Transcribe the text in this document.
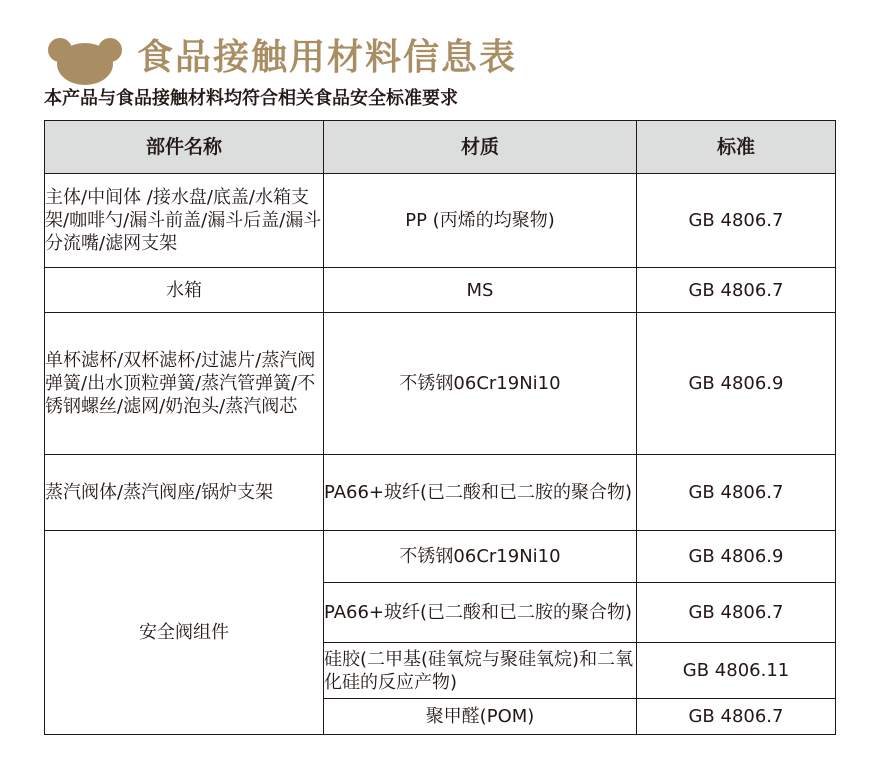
食品接触用材料信息表

本产品与食品接触材料均符合相关食品安全标准要求

部件名称	材质	标准
主体/中间体 /接水盘/底盖/水箱支架/咖啡勺/漏斗前盖/漏斗后盖/漏斗分流嘴/滤网支架	PP (丙烯的均聚物)	GB 4806.7
水箱	MS	GB 4806.7
单杯滤杯/双杯滤杯/过滤片/蒸汽阀弹簧/出水顶粒弹簧/蒸汽管弹簧/不锈钢螺丝/滤网/奶泡头/蒸汽阀芯	不锈钢06Cr19Ni10	GB 4806.9
蒸汽阀体/蒸汽阀座/锅炉支架	PA66+玻纤(已二酸和已二胺的聚合物)	GB 4806.7
安全阀组件	不锈钢06Cr19Ni10	GB 4806.9
	PA66+玻纤(已二酸和已二胺的聚合物)	GB 4806.7
	硅胶(二甲基(硅氧烷与聚硅氧烷)和二氧化硅的反应产物)	GB 4806.11
	聚甲醛(POM)	GB 4806.7
